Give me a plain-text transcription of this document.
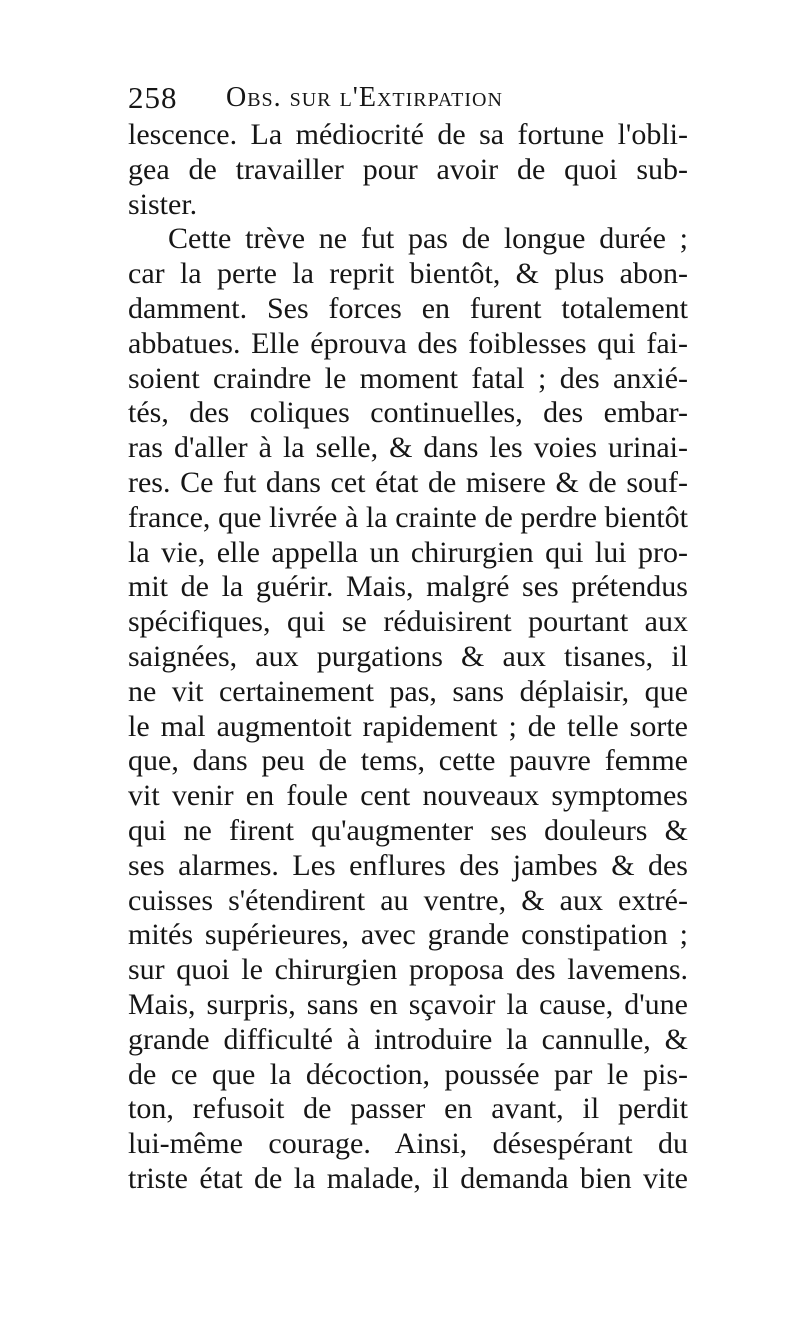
258 Obs. sur l'Extirpation
lescence. La médiocrité de sa fortune l'obli-
gea de travailler pour avoir de quoi sub-
sister.
Cette trève ne fut pas de longue durée ;
car la perte la reprit bientôt, & plus abon-
damment. Ses forces en furent totalement
abbatues. Elle éprouva des foiblesses qui fai-
soient craindre le moment fatal ; des anxié-
tés, des coliques continuelles, des embar-
ras d'aller à la selle, & dans les voies urinai-
res. Ce fut dans cet état de misere & de souf-
france, que livrée à la crainte de perdre bientôt
la vie, elle appella un chirurgien qui lui pro-
mit de la guérir. Mais, malgré ses prétendus
spécifiques, qui se réduisirent pourtant aux
saignées, aux purgations & aux tisanes, il
ne vit certainement pas, sans déplaisir, que
le mal augmentoit rapidement ; de telle sorte
que, dans peu de tems, cette pauvre femme
vit venir en foule cent nouveaux symptomes
qui ne firent qu'augmenter ses douleurs &
ses alarmes. Les enflures des jambes & des
cuisses s'étendirent au ventre, & aux extré-
mités supérieures, avec grande constipation ;
sur quoi le chirurgien proposa des lavemens.
Mais, surpris, sans en sçavoir la cause, d'une
grande difficulté à introduire la cannulle, &
de ce que la décoction, poussée par le pis-
ton, refusoit de passer en avant, il perdit
lui-même courage. Ainsi, désespérant du
triste état de la malade, il demanda bien vite
